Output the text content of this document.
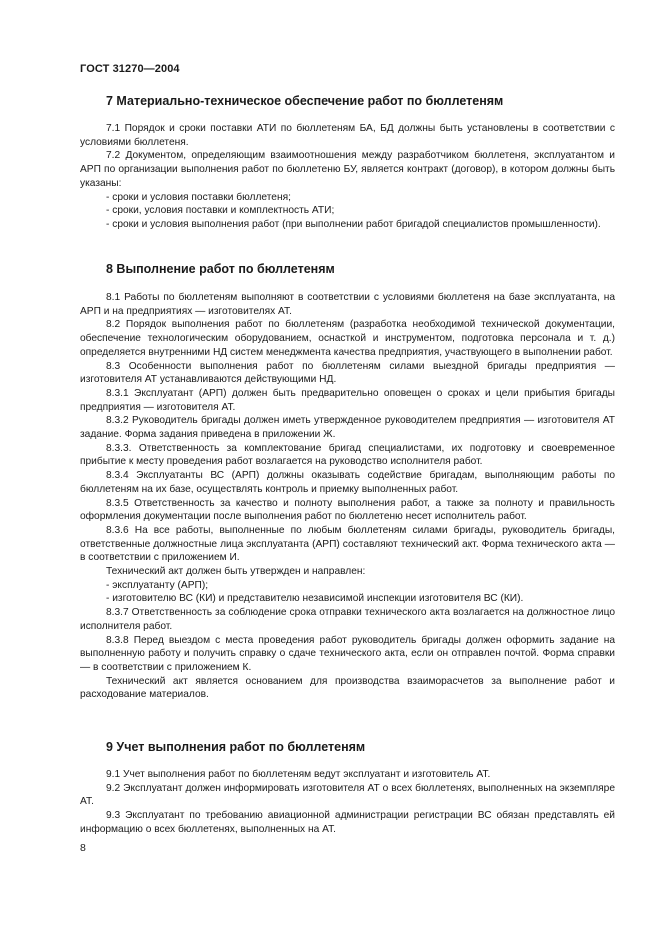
ГОСТ 31270—2004
7 Материально-техническое обеспечение работ по бюллетеням

7.1 Порядок и сроки поставки АТИ по бюллетеням БА, БД должны быть установлены в соответствии с условиями бюллетеня.

7.2 Документом, определяющим взаимоотношения между разработчиком бюллетеня, эксплуатантом и АРП по организации выполнения работ по бюллетеню БУ, является контракт (договор), в котором должны быть указаны:

- сроки и условия поставки бюллетеня;

- сроки, условия поставки и комплектность АТИ;

- сроки и условия выполнения работ (при выполнении работ бригадой специалистов промышленности).

8 Выполнение работ по бюллетеням

8.1 Работы по бюллетеням выполняют в соответствии с условиями бюллетеня на базе эксплуатанта, на АРП и на предприятиях — изготовителях АТ.

8.2 Порядок выполнения работ по бюллетеням (разработка необходимой технической документации, обеспечение технологическим оборудованием, оснасткой и инструментом, подготовка персонала и т. д.) определяется внутренними НД систем менеджмента качества предприятия, участвующего в выполнении работ.

8.3 Особенности выполнения работ по бюллетеням силами выездной бригады предприятия — изготовителя АТ устанавливаются действующими НД.

8.3.1 Эксплуатант (АРП) должен быть предварительно оповещен о сроках и цели прибытия бригады предприятия — изготовителя АТ.

8.3.2 Руководитель бригады должен иметь утвержденное руководителем предприятия — изготовителя АТ задание. Форма задания приведена в приложении Ж.

8.3.3. Ответственность за комплектование бригад специалистами, их подготовку и своевременное прибытие к месту проведения работ возлагается на руководство исполнителя работ.

8.3.4 Эксплуатанты ВС (АРП) должны оказывать содействие бригадам, выполняющим работы по бюллетеням на их базе, осуществлять контроль и приемку выполненных работ.

8.3.5 Ответственность за качество и полноту выполнения работ, а также за полноту и правильность оформления документации после выполнения работ по бюллетеню несет исполнитель работ.

8.3.6 На все работы, выполненные по любым бюллетеням силами бригады, руководитель бригады, ответственные должностные лица эксплуатанта (АРП) составляют технический акт. Форма технического акта — в соответствии с приложением И.

Технический акт должен быть утвержден и направлен:

- эксплуатанту (АРП);

- изготовителю ВС (КИ) и представителю независимой инспекции изготовителя ВС (КИ).

8.3.7 Ответственность за соблюдение срока отправки технического акта возлагается на должностное лицо исполнителя работ.

8.3.8 Перед выездом с места проведения работ руководитель бригады должен оформить задание на выполненную работу и получить справку о сдаче технического акта, если он отправлен почтой. Форма справки — в соответствии с приложением К.

Технический акт является основанием для производства взаиморасчетов за выполнение работ и расходование материалов.

9 Учет выполнения работ по бюллетеням

9.1 Учет выполнения работ по бюллетеням ведут эксплуатант и изготовитель АТ.

9.2 Эксплуатант должен информировать изготовителя АТ о всех бюллетенях, выполненных на экземпляре АТ.

9.3 Эксплуатант по требованию авиационной администрации регистрации ВС обязан представлять ей информацию о всех бюллетенях, выполненных на АТ.

8
